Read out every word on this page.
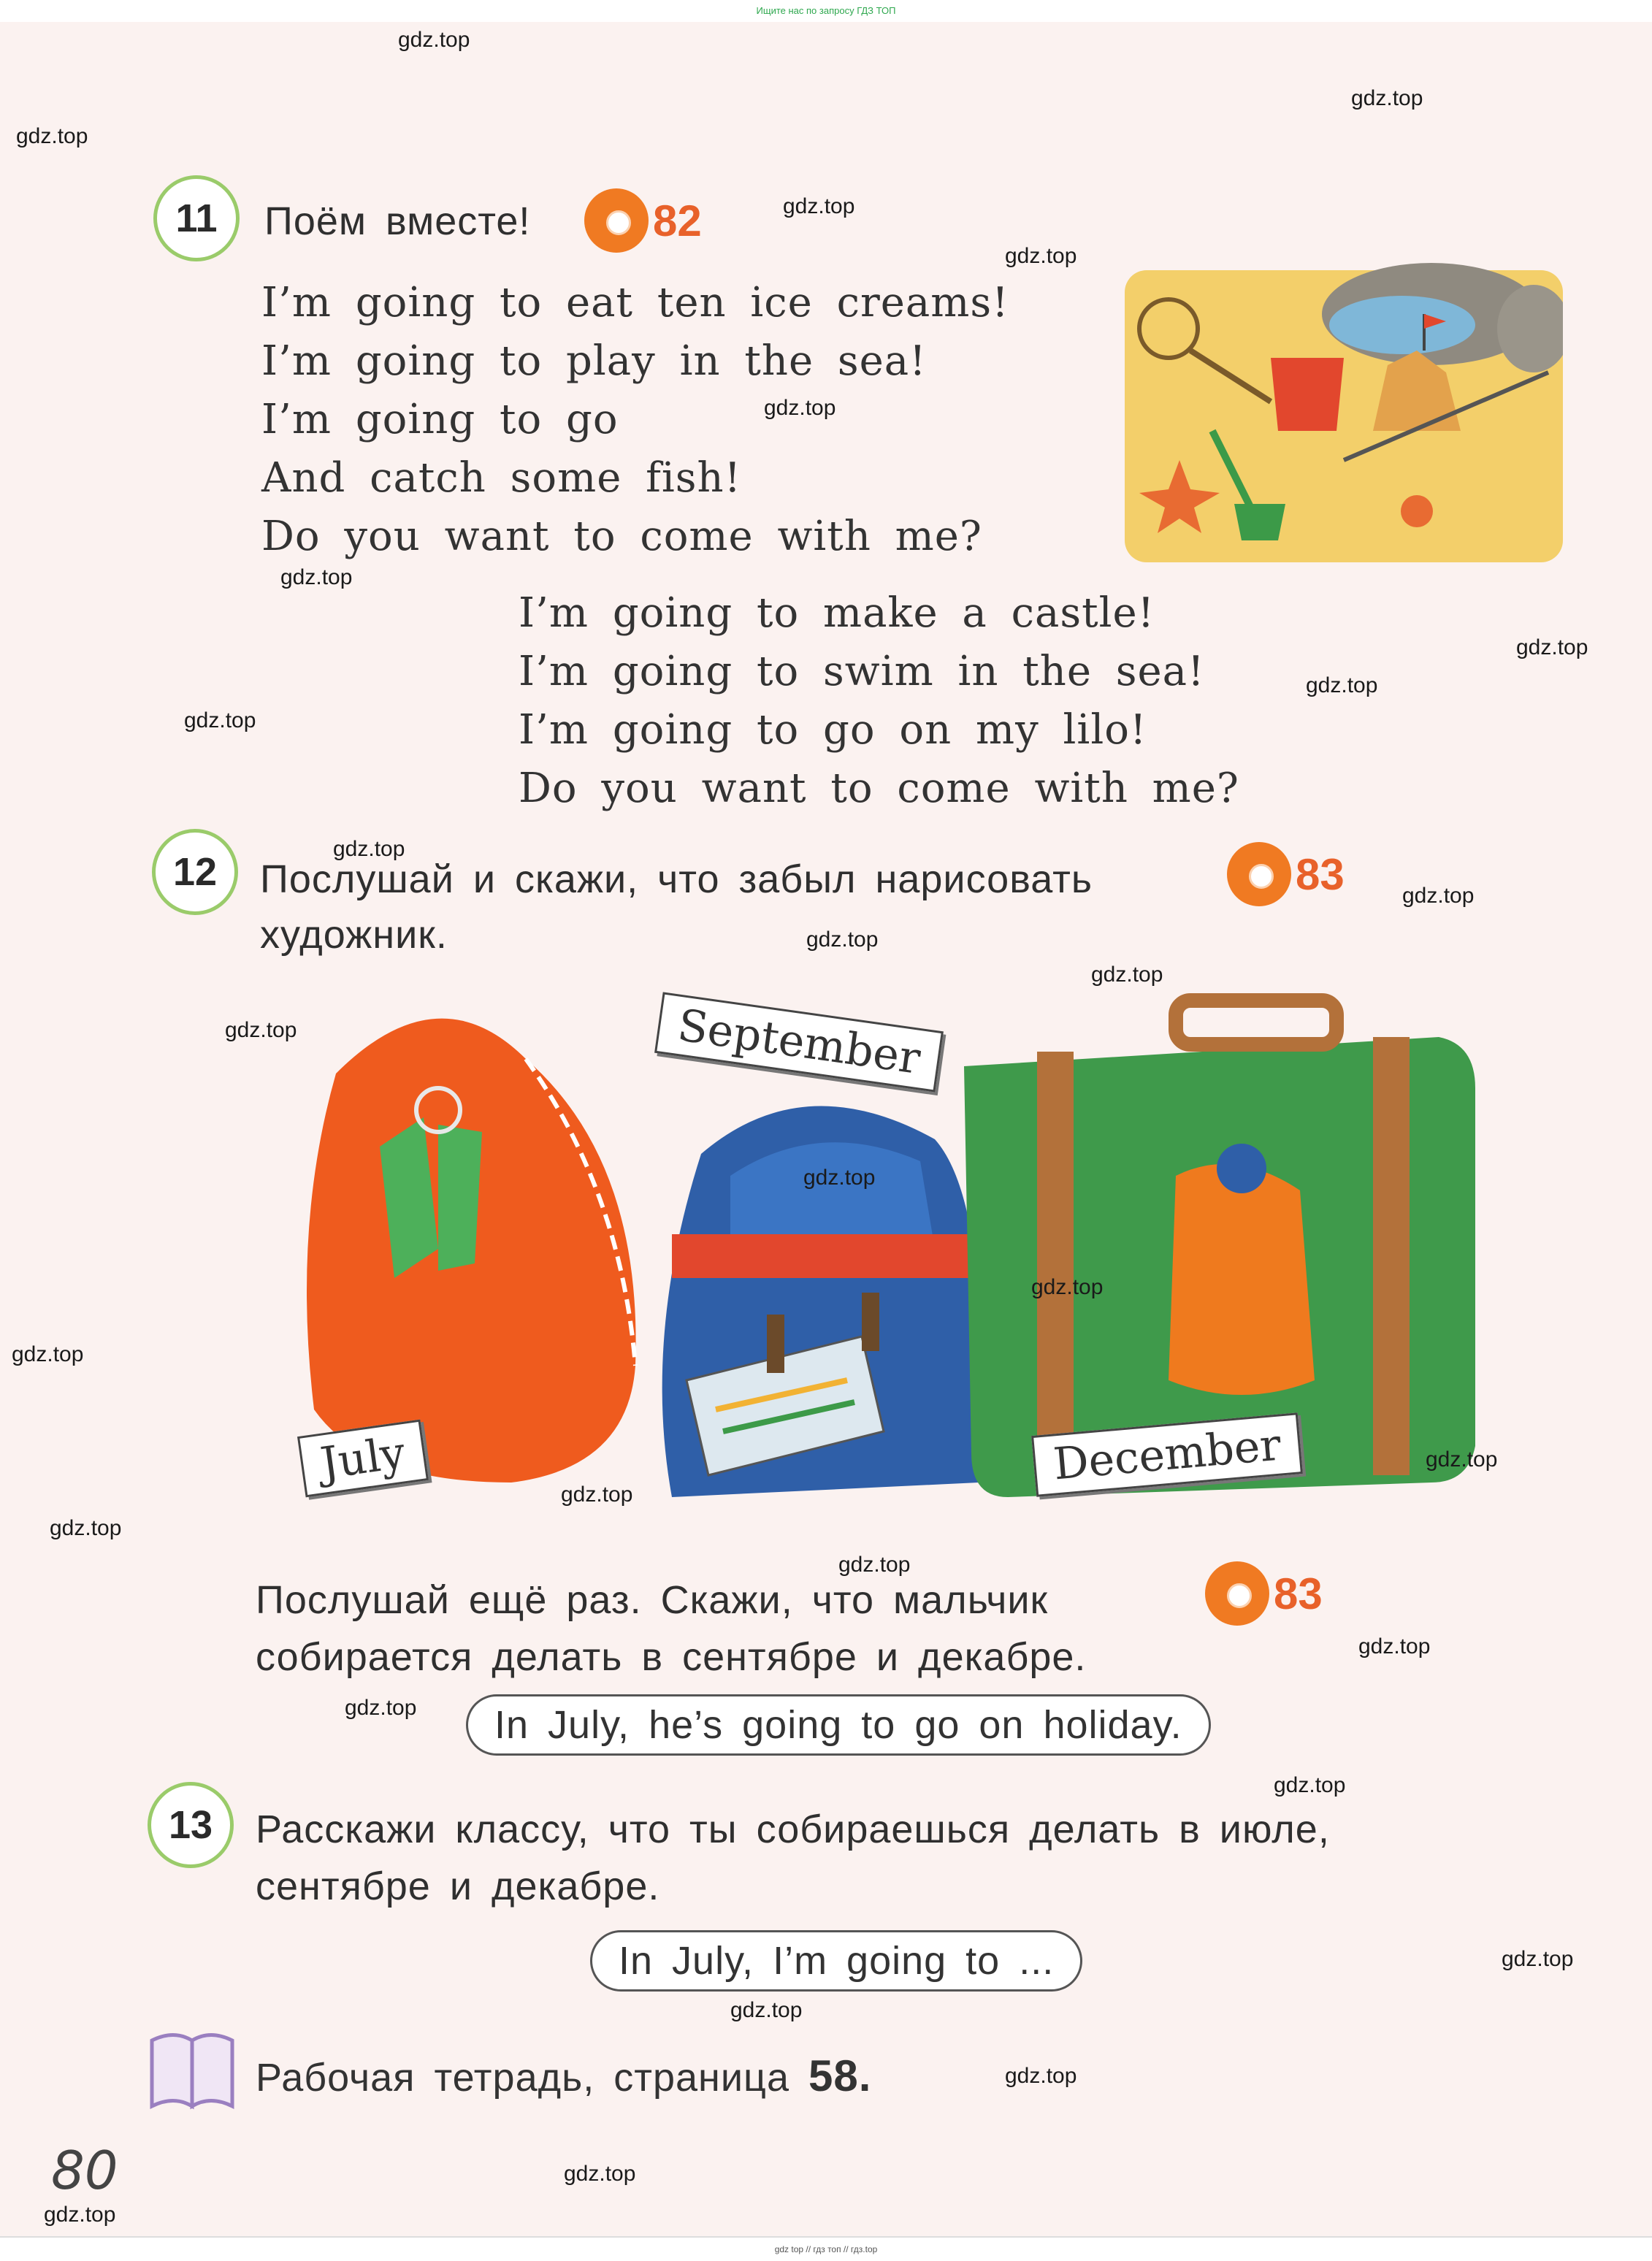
Ищите нас по запросу ГДЗ ТОП
11	Поём вместе!	82
I’m going to eat ten ice creams!
I’m going to play in the sea!
I’m going to go
And catch some fish!
Do you want to come with me?
I’m going to make a castle!
I’m going to swim in the sea!
I’m going to go on my lilo!
Do you want to come with me?
12	Послушай и скажи, что забыл нарисовать
художник.
83
September
July	December
Послушай ещё раз. Скажи, что мальчик
собирается делать в сентябре и декабре.
83
In July, he’s going to go on holiday.
13	Расскажи классу, что ты собираешься делать в июле,
сентябре и декабре.
In July, I’m going to ...
Рабочая тетрадь, страница 58.
80
gdz.top
gdz.top
gdz.top
gdz.top
gdz.top
gdz.top
gdz.top
gdz.top
gdz.top
gdz.top
gdz.top
gdz.top
gdz.top
gdz.top
gdz.top
gdz.top
gdz.top
gdz.top
gdz.top
gdz.top
gdz.top
gdz.top
gdz.top
gdz.top
gdz.top
gdz.top
gdz.top
gdz.top
gdz.top
gdz.top
gdz top // гдз топ // гдз.top
